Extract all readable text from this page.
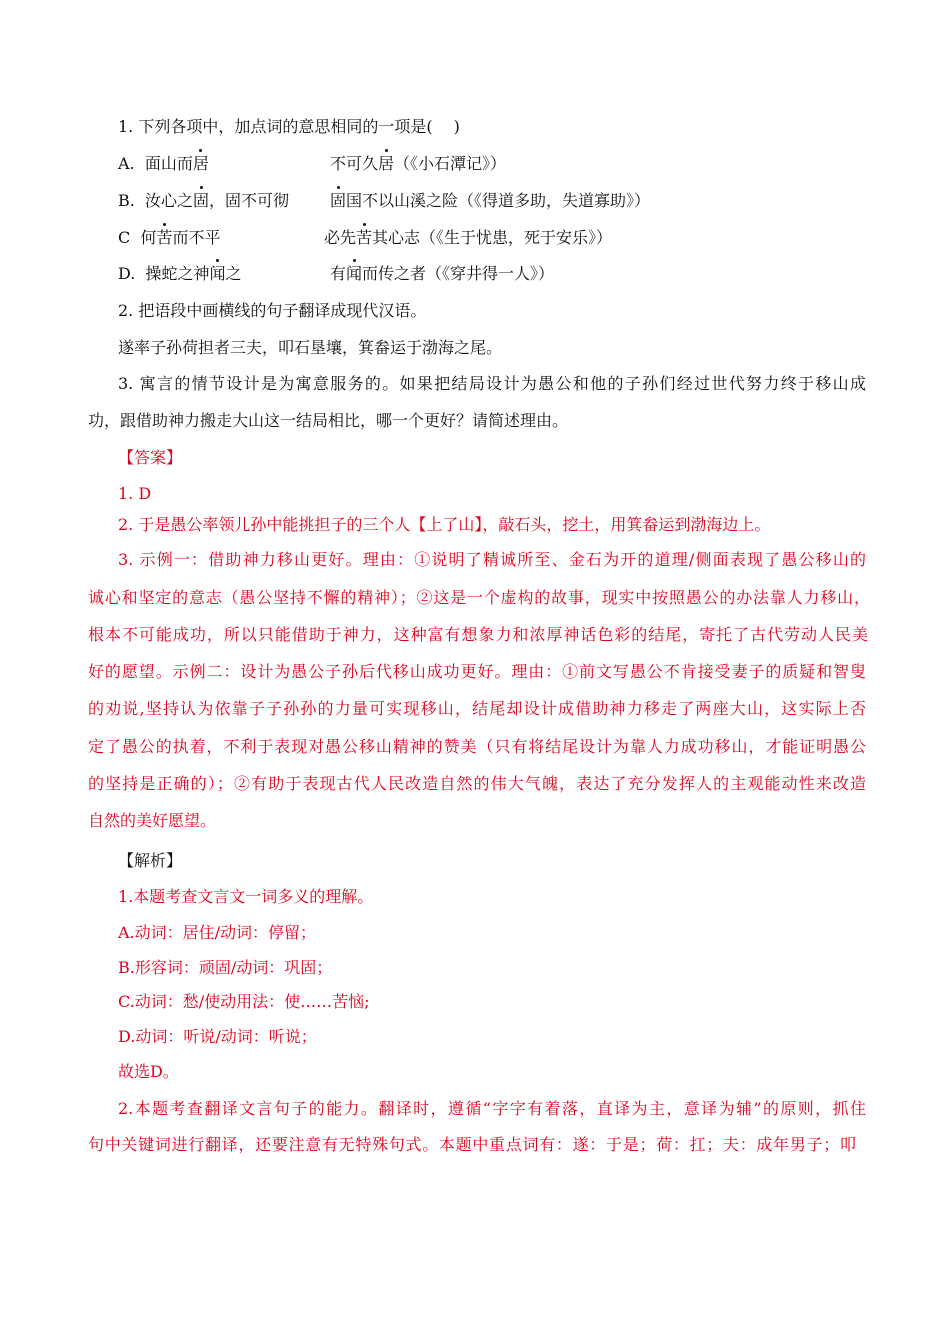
1. 下列各项中，加点词的意思相同的一项是(　 )
A. 面山而居	不可久居（《小石潭记》）
B. 汝心之固，固不可彻	固国不以山溪之险（《得道多助，失道寡助》）
C 何苦而不平	必先苦其心志（《生于忧患，死于安乐》）
D. 操蛇之神闻之	有闻而传之者（《穿井得一人》）
2. 把语段中画横线的句子翻译成现代汉语。
遂率子孙荷担者三夫，叩石垦壤，箕畚运于渤海之尾。
3. 寓言的情节设计是为寓意服务的。如果把结局设计为愚公和他的子孙们经过世代努力终于移山成
功，跟借助神力搬走大山这一结局相比，哪一个更好？请简述理由。
【答案】
1. D
2. 于是愚公率领儿孙中能挑担子的三个人【上了山】，敲石头，挖土，用箕畚运到渤海边上。
3. 示例一：借助神力移山更好。理由：①说明了精诚所至、金石为开的道理/侧面表现了愚公移山的
诚心和坚定的意志（愚公坚持不懈的精神）；②这是一个虚构的故事，现实中按照愚公的办法靠人力移山，
根本不可能成功，所以只能借助于神力，这种富有想象力和浓厚神话色彩的结尾，寄托了古代劳动人民美
好的愿望。示例二：设计为愚公子孙后代移山成功更好。理由：①前文写愚公不肯接受妻子的质疑和智叟
的劝说,坚持认为依靠子子孙孙的力量可实现移山，结尾却设计成借助神力移走了两座大山，这实际上否
定了愚公的执着，不利于表现对愚公移山精神的赞美（只有将结尾设计为靠人力成功移山，才能证明愚公
的坚持是正确的）；②有助于表现古代人民改造自然的伟大气魄，表达了充分发挥人的主观能动性来改造
自然的美好愿望。
【解析】
1.本题考查文言文一词多义的理解。
A.动词：居住/动词：停留；
B.形容词：顽固/动词：巩固；
C.动词：愁/使动用法：使……苦恼;
D.动词：听说/动词：听说；
故选D。
2.本题考查翻译文言句子的能力。翻译时，遵循“字字有着落，直译为主，意译为辅”的原则，抓住
句中关键词进行翻译，还要注意有无特殊句式。本题中重点词有：遂：于是；荷：扛；夫：成年男子；叩
